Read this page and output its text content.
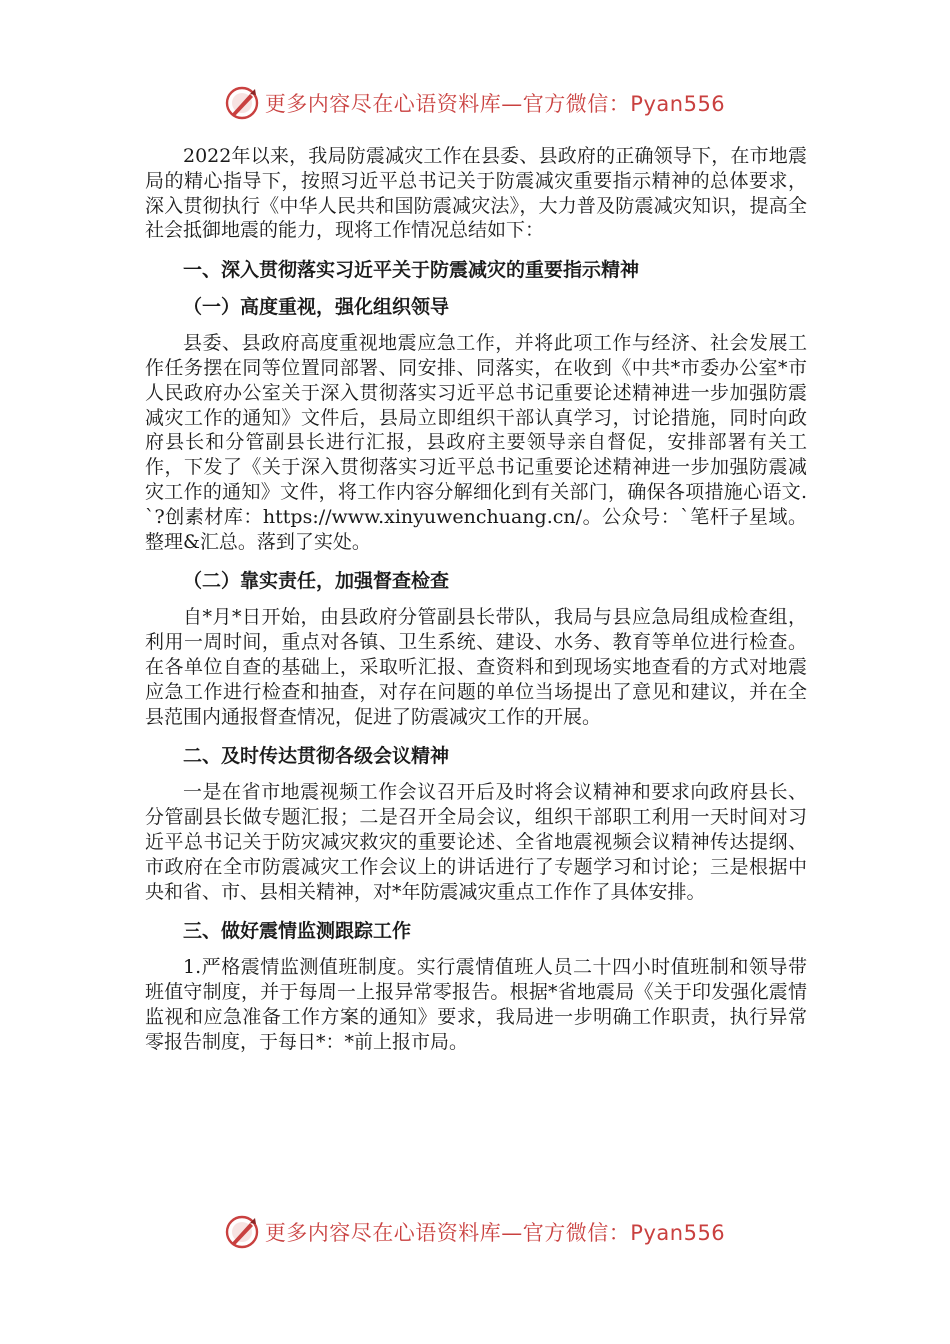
更多内容尽在心语资料库—官方微信：Pyan556

2022年以来，我局防震减灾工作在县委、县政府的正确领导下，在市地震局的精心指导下，按照习近平总书记关于防震减灾重要指示精神的总体要求，深入贯彻执行《中华人民共和国防震减灾法》，大力普及防震减灾知识，提高全社会抵御地震的能力，现将工作情况总结如下：

一、深入贯彻落实习近平关于防震减灾的重要指示精神
（一）高度重视，强化组织领导

县委、县政府高度重视地震应急工作，并将此项工作与经济、社会发展工作任务摆在同等位置同部署、同安排、同落实，在收到《中共*市委办公室*市人民政府办公室关于深入贯彻落实习近平总书记重要论述精神进一步加强防震减灾工作的通知》文件后，县局立即组织干部认真学习，讨论措施，同时向政府县长和分管副县长进行汇报，县政府主要领导亲自督促，安排部署有关工作，下发了《关于深入贯彻落实习近平总书记重要论述精神进一步加强防震减灾工作的通知》文件，将工作内容分解细化到有关部门，确保各项措施心语文.`?创素材库：https://www.xinyuwenchuang.cn/。公众号：`笔杆子星域。整理&汇总。落到了实处。

（二）靠实责任，加强督查检查

自*月*日开始，由县政府分管副县长带队，我局与县应急局组成检查组，利用一周时间，重点对各镇、卫生系统、建设、水务、教育等单位进行检查。在各单位自查的基础上，采取听汇报、查资料和到现场实地查看的方式对地震应急工作进行检查和抽查，对存在问题的单位当场提出了意见和建议，并在全县范围内通报督查情况，促进了防震减灾工作的开展。

二、及时传达贯彻各级会议精神

一是在省市地震视频工作会议召开后及时将会议精神和要求向政府县长、分管副县长做专题汇报；二是召开全局会议，组织干部职工利用一天时间对习近平总书记关于防灾减灾救灾的重要论述、全省地震视频会议精神传达提纲、市政府在全市防震减灾工作会议上的讲话进行了专题学习和讨论；三是根据中央和省、市、县相关精神，对*年防震减灾重点工作作了具体安排。

三、做好震情监测跟踪工作

1.严格震情监测值班制度。实行震情值班人员二十四小时值班制和领导带班值守制度，并于每周一上报异常零报告。根据*省地震局《关于印发强化震情监视和应急准备工作方案的通知》要求，我局进一步明确工作职责，执行异常零报告制度，于每日*：*前上报市局。

更多内容尽在心语资料库—官方微信：Pyan556
